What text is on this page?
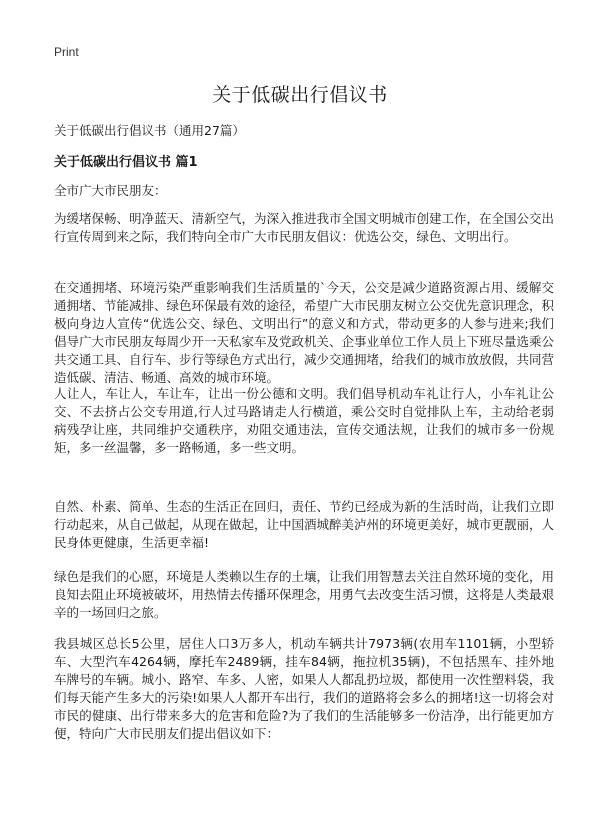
Print
关于低碳出行倡议书
关于低碳出行倡议书（通用27篇）
关于低碳出行倡议书 篇1
全市广大市民朋友：

为缓堵保畅、明净蓝天、清新空气，为深入推进我市全国文明城市创建工作，在全国公交出行宣传周到来之际，我们特向全市广大市民朋友倡议：优选公交，绿色、文明出行。

在交通拥堵、环境污染严重影响我们生活质量的`今天，公交是减少道路资源占用、缓解交通拥堵、节能减排、绿色环保最有效的途径，希望广大市民朋友树立公交优先意识理念，积极向身边人宣传“优选公交、绿色、文明出行”的意义和方式，带动更多的人参与进来;我们倡导广大市民朋友每周少开一天私家车及党政机关、企事业单位工作人员上下班尽量选乘公共交通工具、自行车、步行等绿色方式出行，减少交通拥堵，给我们的城市放放假，共同营造低碳、清洁、畅通、高效的城市环境。

人让人，车让人，车让车，让出一份公德和文明。我们倡导机动车礼让行人，小车礼让公交、不去挤占公交专用道,行人过马路请走人行横道，乘公交时自觉排队上车，主动给老弱病残孕让座，共同维护交通秩序，劝阻交通违法，宣传交通法规，让我们的城市多一份规矩，多一丝温馨，多一路畅通，多一些文明。

自然、朴素、简单、生态的生活正在回归，责任、节约已经成为新的生活时尚，让我们立即行动起来，从自己做起，从现在做起，让中国酒城醉美泸州的环境更美好，城市更靓丽，人民身体更健康，生活更幸福!

绿色是我们的心愿，环境是人类赖以生存的土壤，让我们用智慧去关注自然环境的变化，用良知去阻止环境被破坏，用热情去传播环保理念，用勇气去改变生活习惯，这将是人类最艰辛的一场回归之旅。

我县城区总长5公里，居住人口3万多人，机动车辆共计7973辆(农用车1101辆，小型轿车、大型汽车4264辆，摩托车2489辆，挂车84辆，拖拉机35辆)，不包括黑车、挂外地车牌号的车辆。城小、路窄、车多、人密，如果人人都乱扔垃圾，都使用一次性塑料袋，我们每天能产生多大的污染!如果人人都开车出行，我们的道路将会多么的拥堵!这一切将会对市民的健康、出行带来多大的危害和危险?为了我们的生活能够多一份洁净，出行能更加方便，特向广大市民朋友们提出倡议如下：
